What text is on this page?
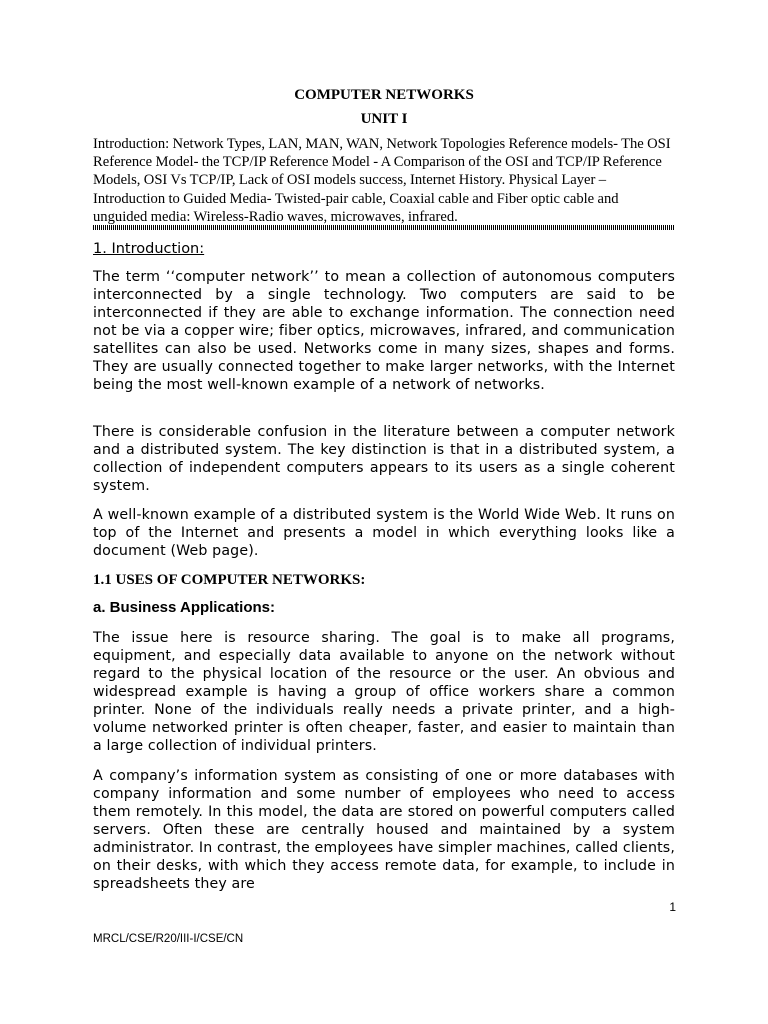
COMPUTER NETWORKS
UNIT I

Introduction: Network Types, LAN, MAN, WAN, Network Topologies Reference models- The OSI Reference Model- the TCP/IP Reference Model - A Comparison of the OSI and TCP/IP Reference Models, OSI Vs TCP/IP, Lack of OSI models success, Internet History. Physical Layer –Introduction to Guided Media- Twisted-pair cable, Coaxial cable and Fiber optic cable and unguided media: Wireless-Radio waves, microwaves, infrared.

1. Introduction:

The term ‘‘computer network’’ to mean a collection of autonomous computers interconnected by a single technology. Two computers are said to be interconnected if they are able to exchange information. The connection need not be via a copper wire; fiber optics, microwaves, infrared, and communication satellites can also be used. Networks come in many sizes, shapes and forms. They are usually connected together to make larger networks, with the Internet being the most well-known example of a network of networks.

There is considerable confusion in the literature between a computer network and a distributed system. The key distinction is that in a distributed system, a collection of independent computers appears to its users as a single coherent system.

A well-known example of a distributed system is the World Wide Web. It runs on top of the Internet and presents a model in which everything looks like a document (Web page).

1.1 USES OF COMPUTER NETWORKS:

a. Business Applications:

The issue here is resource sharing. The goal is to make all programs, equipment, and especially data available to anyone on the network without regard to the physical location of the resource or the user. An obvious and widespread example is having a group of office workers share a common printer. None of the individuals really needs a private printer, and a high-volume networked printer is often cheaper, faster, and easier to maintain than a large collection of individual printers.

A company’s information system as consisting of one or more databases with company information and some number of employees who need to access them remotely. In this model, the data are stored on powerful computers called servers. Often these are centrally housed and maintained by a system administrator. In contrast, the employees have simpler machines, called clients, on their desks, with which they access remote data, for example, to include in spreadsheets they are

1
MRCL/CSE/R20/III-I/CSE/CN
